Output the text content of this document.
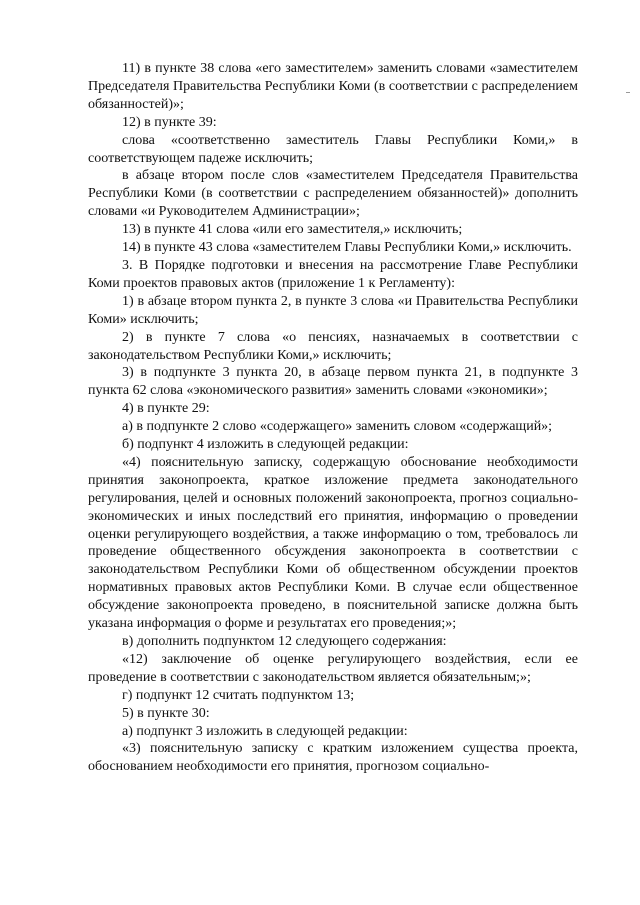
11) в пункте 38 слова «его заместителем» заменить словами «заместителем Председателя Правительства Республики Коми (в соответствии с распределением обязанностей)»;

12) в пункте 39:

слова «соответственно заместитель Главы Республики Коми,» в соответствующем падеже исключить;

в абзаце втором после слов «заместителем Председателя Правительства Республики Коми (в соответствии с распределением обязанностей)» дополнить словами «и Руководителем Администрации»;

13) в пункте 41 слова «или его заместителя,» исключить;

14) в пункте 43 слова «заместителем Главы Республики Коми,» исключить.

3. В Порядке подготовки и внесения на рассмотрение Главе Республики Коми проектов правовых актов (приложение 1 к Регламенту):

1) в абзаце втором пункта 2, в пункте 3 слова «и Правительства Республики Коми» исключить;

2) в пункте 7 слова «о пенсиях, назначаемых в соответствии с законодательством Республики Коми,» исключить;

3) в подпункте 3 пункта 20, в абзаце первом пункта 21, в подпункте 3 пункта 62 слова «экономического развития» заменить словами «экономики»;

4) в пункте 29:

а) в подпункте 2 слово «содержащего» заменить словом «содержащий»;

б) подпункт 4 изложить в следующей редакции:

«4) пояснительную записку, содержащую обоснование необходимости принятия законопроекта, краткое изложение предмета законодательного регулирования, целей и основных положений законопроекта, прогноз социально-экономических и иных последствий его принятия, информацию о проведении оценки регулирующего воздействия, а также информацию о том, требовалось ли проведение общественного обсуждения законопроекта в соответствии с законодательством Республики Коми об общественном обсуждении проектов нормативных правовых актов Республики Коми. В случае если общественное обсуждение законопроекта проведено, в пояснительной записке должна быть указана информация о форме и результатах его проведения;»;

в) дополнить подпунктом 12 следующего содержания:

«12) заключение об оценке регулирующего воздействия, если ее проведение в соответствии с законодательством является обязательным;»;

г) подпункт 12 считать подпунктом 13;

5) в пункте 30:

а) подпункт 3 изложить в следующей редакции:

«3) пояснительную записку с кратким изложением существа проекта, обоснованием необходимости его принятия, прогнозом социально-
